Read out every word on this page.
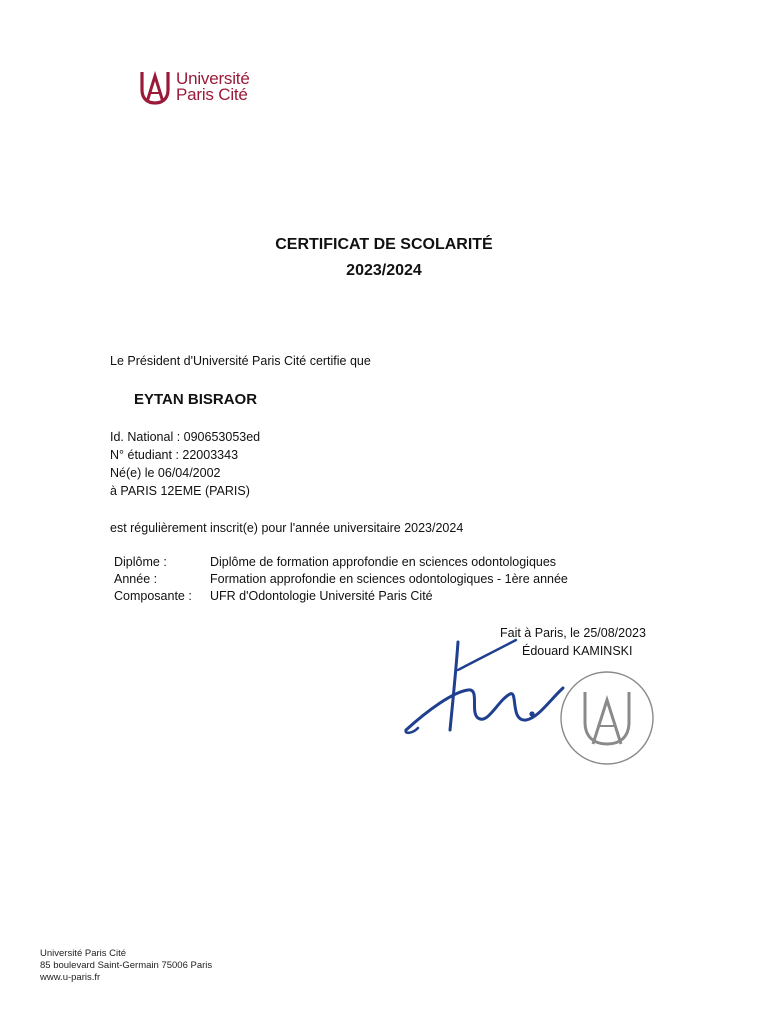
Université
Paris Cité
CERTIFICAT DE SCOLARITÉ
2023/2024
Le Président d'Université Paris Cité certifie que
EYTAN BISRAOR
Id. National : 090653053ed
N° étudiant : 22003343
Né(e) le 06/04/2002
à PARIS 12EME (PARIS)
est régulièrement inscrit(e) pour l'année universitaire 2023/2024
Diplôme :	Diplôme de formation approfondie en sciences odontologiques
Année :	Formation approfondie en sciences odontologiques - 1ère année
Composante :	UFR d'Odontologie Université Paris Cité
Fait à Paris, le 25/08/2023
Édouard KAMINSKI
Université Paris Cité
85 boulevard Saint-Germain 75006 Paris
www.u-paris.fr
